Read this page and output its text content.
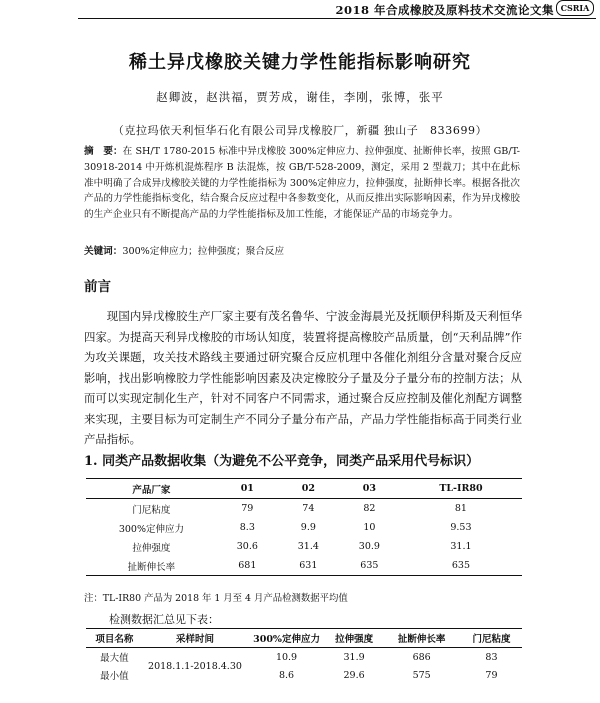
2018 年合成橡胶及原料技术交流论文集 CSRIA
稀土异戊橡胶关键力学性能指标影响研究
赵卿波，赵洪福，贾芳成，谢佳，李刚，张博，张平
（克拉玛依天利恒华石化有限公司异戊橡胶厂，新疆 独山子　833699）
摘　要：在 SH/T 1780-2015 标准中异戊橡胶 300%定伸应力、拉伸强度、扯断伸长率，按照 GB/T-30918-2014 中开炼机混炼程序 B 法混炼，按 GB/T-528-2009，测定，采用 2 型裁刀；其中在此标准中明确了合成异戊橡胶关键的力学性能指标为 300%定伸应力，拉伸强度，扯断伸长率。根据各批次产品的力学性能指标变化，结合聚合反应过程中各参数变化，从而反推出实际影响因素，作为异戊橡胶的生产企业只有不断提高产品的力学性能指标及加工性能，才能保证产品的市场竞争力。
关键词：300%定伸应力；拉伸强度；聚合反应
前言

现国内异戊橡胶生产厂家主要有茂名鲁华、宁波金海晨光及抚顺伊科斯及天利恒华四家。为提高天利异戊橡胶的市场认知度，装置将提高橡胶产品质量，创“天利品牌”作为攻关课题，攻关技术路线主要通过研究聚合反应机理中各催化剂组分含量对聚合反应影响，找出影响橡胶力学性能影响因素及决定橡胶分子量及分子量分布的控制方法；从而可以实现定制化生产，针对不同客户不同需求，通过聚合反应控制及催化剂配方调整来实现，主要目标为可定制生产不同分子量分布产品，产品力学性能指标高于同类行业产品指标。

1. 同类产品数据收集（为避免不公平竞争，同类产品采用代号标识）
产品厂家	01	02	03	TL-IR80
门尼粘度	79	74	82	81
300%定伸应力	8.3	9.9	10	9.53
拉伸强度	30.6	31.4	30.9	31.1
扯断伸长率	681	631	635	635
注：TL-IR80 产品为 2018 年 1 月至 4 月产品检测数据平均值
检测数据汇总见下表：
项目名称	采样时间	300%定伸应力	拉伸强度	扯断伸长率	门尼粘度
最大值	2018.1.1-2018.4.30	10.9	31.9	686	83
最小值		8.6	29.6	575	79
